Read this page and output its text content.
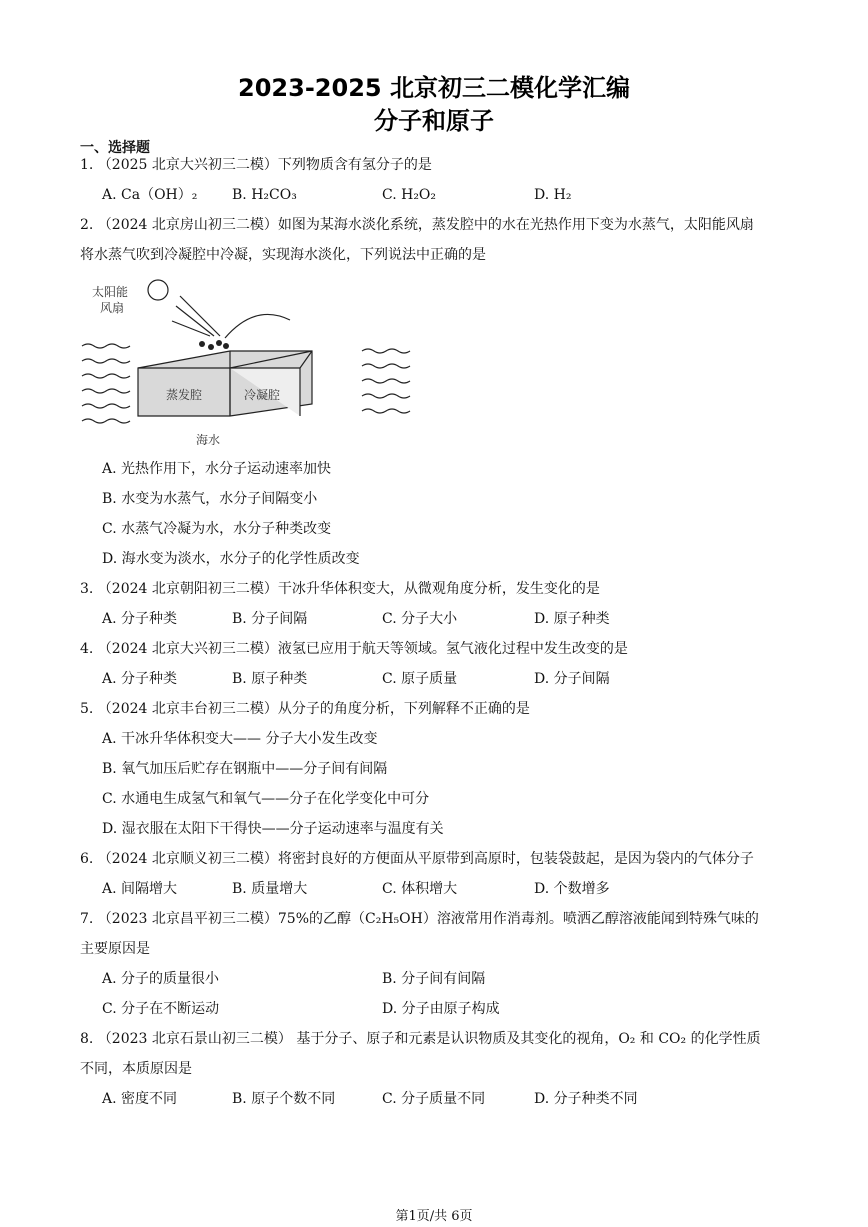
2023-2025 北京初三二模化学汇编
分子和原子
一、选择题
1. （2025 北京大兴初三二模）下列物质含有氢分子的是
A. Ca（OH）₂ B. H₂CO₃	C. H₂O₂	D. H₂
2. （2024 北京房山初三二模）如图为某海水淡化系统，蒸发腔中的水在光热作用下变为水蒸气，太阳能风扇
将水蒸气吹到冷凝腔中冷凝，实现海水淡化，下列说法中正确的是
太阳能
风扇
蒸发腔	冷凝腔
海水
A. 光热作用下，水分子运动速率加快
B. 水变为水蒸气，水分子间隔变小
C. 水蒸气冷凝为水，水分子种类改变
D. 海水变为淡水，水分子的化学性质改变
3. （2024 北京朝阳初三二模）干冰升华体积变大，从微观角度分析，发生变化的是
A. 分子种类	B. 分子间隔	C. 分子大小	D. 原子种类
4. （2024 北京大兴初三二模）液氢已应用于航天等领域。氢气液化过程中发生改变的是
A. 分子种类	B. 原子种类	C. 原子质量	D. 分子间隔
5. （2024 北京丰台初三二模）从分子的角度分析，下列解释不正确的是
A. 干冰升华体积变大—— 分子大小发生改变
B. 氧气加压后贮存在钢瓶中——分子间有间隔
C. 水通电生成氢气和氧气——分子在化学变化中可分
D. 湿衣服在太阳下干得快——分子运动速率与温度有关
6. （2024 北京顺义初三二模）将密封良好的方便面从平原带到高原时，包装袋鼓起，是因为袋内的气体分子
A. 间隔增大	B. 质量增大	C. 体积增大	D. 个数增多
7. （2023 北京昌平初三二模）75%的乙醇（C₂H₅OH）溶液常用作消毒剂。喷洒乙醇溶液能闻到特殊气味的
主要原因是
A. 分子的质量很小	B. 分子间有间隔
C. 分子在不断运动	D. 分子由原子构成
8. （2023 北京石景山初三二模） 基于分子、原子和元素是认识物质及其变化的视角，O₂ 和 CO₂ 的化学性质
不同，本质原因是
A. 密度不同	B. 原子个数不同	C. 分子质量不同	D. 分子种类不同
第1页/共 6页
